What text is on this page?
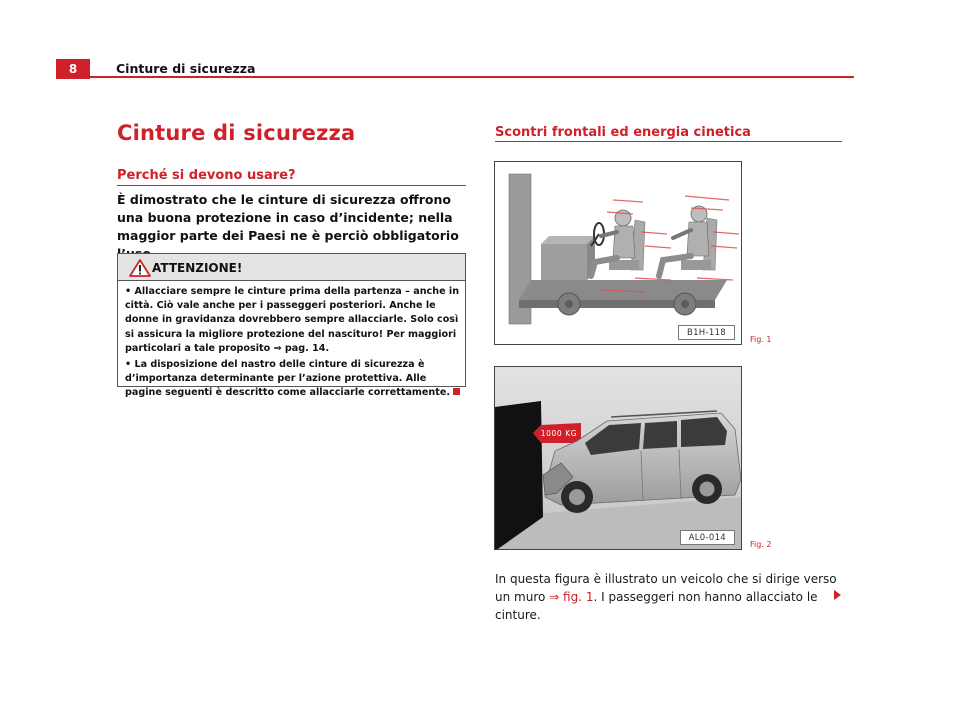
8	Cinture di sicurezza
Cinture di sicurezza
Perché si devono usare?
È dimostrato che le cinture di sicurezza offrono una buona protezione in caso d’incidente; nella maggior parte dei Paesi ne è perciò obbligatorio
ATTENZIONE!

• Allacciare sempre le cinture prima della partenza – anche in città. Ciò vale anche per i passeggeri posteriori. Anche le donne in gravidanza dovrebbero sempre allacciarle. Solo così si assicura la migliore protezione del nascituro! Per maggiori particolari a tale proposito ⇒ pag. 14.

• La disposizione del nastro delle cinture di sicurezza è d’importanza determinante per l’azione protettiva. Alle pagine seguenti è descritto come allacciarle correttamente.

Scontri frontali ed energia cinetica
B1H-118
Fig. 1
1000 KG
AL0-014
Fig. 2
In questa figura è illustrato un veicolo che si dirige verso un muro ⇒ fig. 1. I passeggeri non hanno allacciato le cinture.
